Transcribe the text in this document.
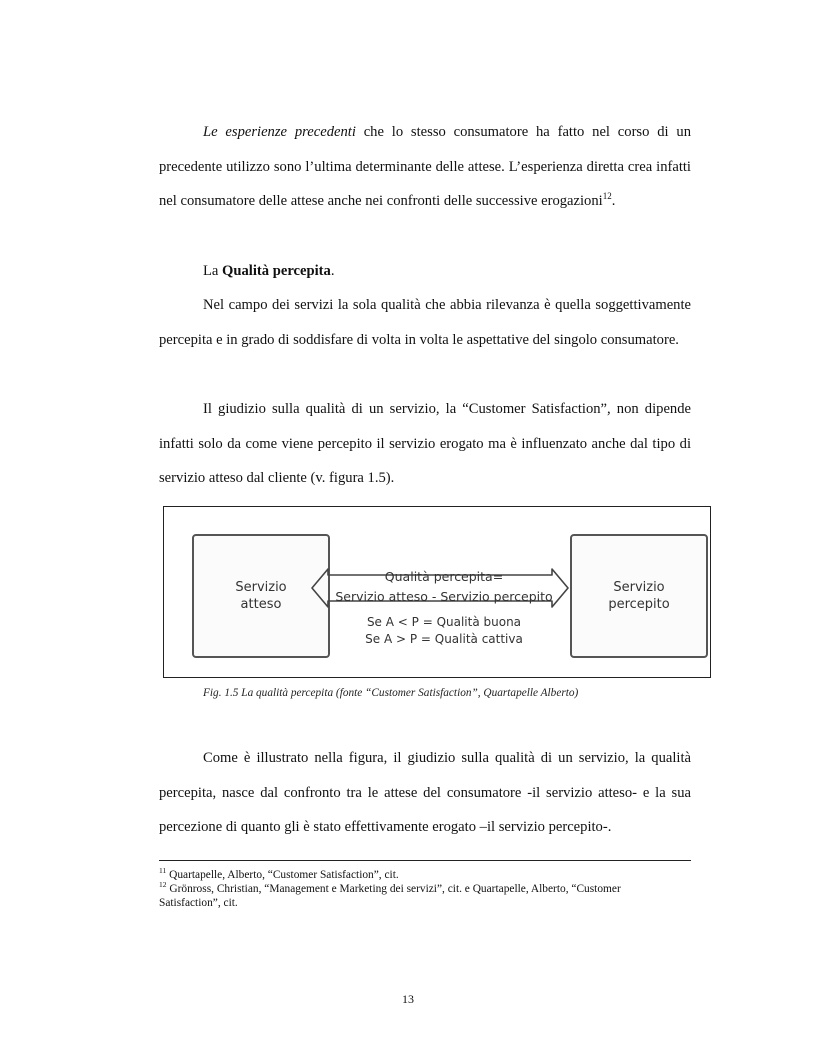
Le esperienze precedenti che lo stesso consumatore ha fatto nel corso di un precedente utilizzo sono l’ultima determinante delle attese. L’esperienza diretta crea infatti nel consumatore delle attese anche nei confronti delle successive erogazioni$^{12}$.

La Qualità percepita.

Nel campo dei servizi la sola qualità che abbia rilevanza è quella soggettivamente percepita e in grado di soddisfare di volta in volta le aspettative del singolo consumatore.

Il giudizio sulla qualità di un servizio, la “Customer Satisfaction”, non dipende infatti solo da come viene percepito il servizio erogato ma è influenzato anche dal tipo di servizio atteso dal cliente (v. figura 1.5).

Servizio atteso
Servizio percepito
Qualità percepita=
Servizio atteso - Servizio percepito
Se A < P = Qualità buona
Se A > P = Qualità cattiva

Fig. 1.5 La qualità percepita (fonte “Customer Satisfaction”, Quartapelle Alberto)

Come è illustrato nella figura, il giudizio sulla qualità di un servizio, la qualità percepita, nasce dal confronto tra le attese del consumatore -il servizio atteso- e la sua percezione di quanto gli è stato effettivamente erogato –il servizio percepito-.

$^{11}$ Quartapelle, Alberto, “Customer Satisfaction”, cit.

$^{12}$ Grönross, Christian, “Management e Marketing dei servizi”, cit. e Quartapelle, Alberto, “Customer Satisfaction”, cit.

13
